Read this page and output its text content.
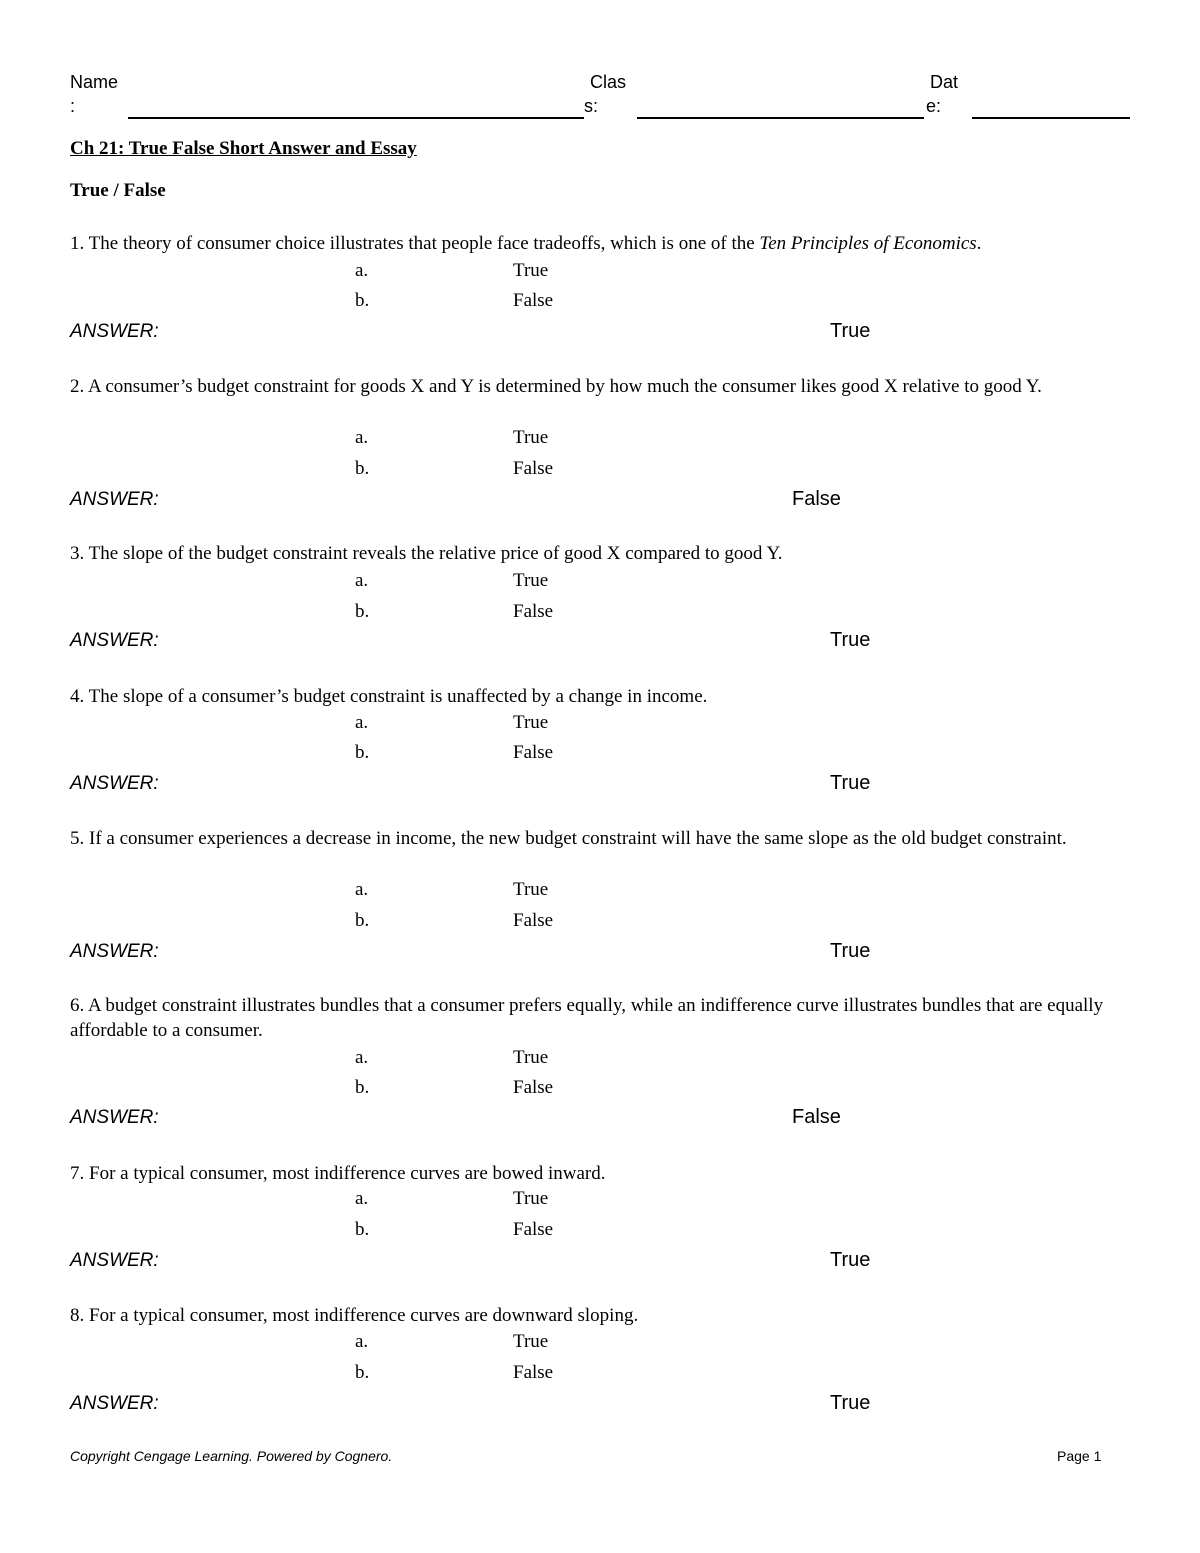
Name
:
Clas
s:
Dat
e:
Ch 21: True False Short Answer and Essay
True / False
1. The theory of consumer choice illustrates that people face tradeoffs, which is one of the Ten Principles of Economics.
a.	True
b.	False
ANSWER:	True
2. A consumer’s budget constraint for goods X and Y is determined by how much the consumer likes good X relative to good Y.
a.	True
b.	False
ANSWER:	False
3. The slope of the budget constraint reveals the relative price of good X compared to good Y.
a.	True
b.	False
ANSWER:	True
4. The slope of a consumer’s budget constraint is unaffected by a change in income.
a.	True
b.	False
ANSWER:	True
5. If a consumer experiences a decrease in income, the new budget constraint will have the same slope as the old budget constraint.
a.	True
b.	False
ANSWER:	True
6. A budget constraint illustrates bundles that a consumer prefers equally, while an indifference curve illustrates bundles that are equally affordable to a consumer.
a.	True
b.	False
ANSWER:	False
7. For a typical consumer, most indifference curves are bowed inward.
a.	True
b.	False
ANSWER:	True
8. For a typical consumer, most indifference curves are downward sloping.
a.	True
b.	False
ANSWER:	True
Copyright Cengage Learning. Powered by Cognero.	Page 1
